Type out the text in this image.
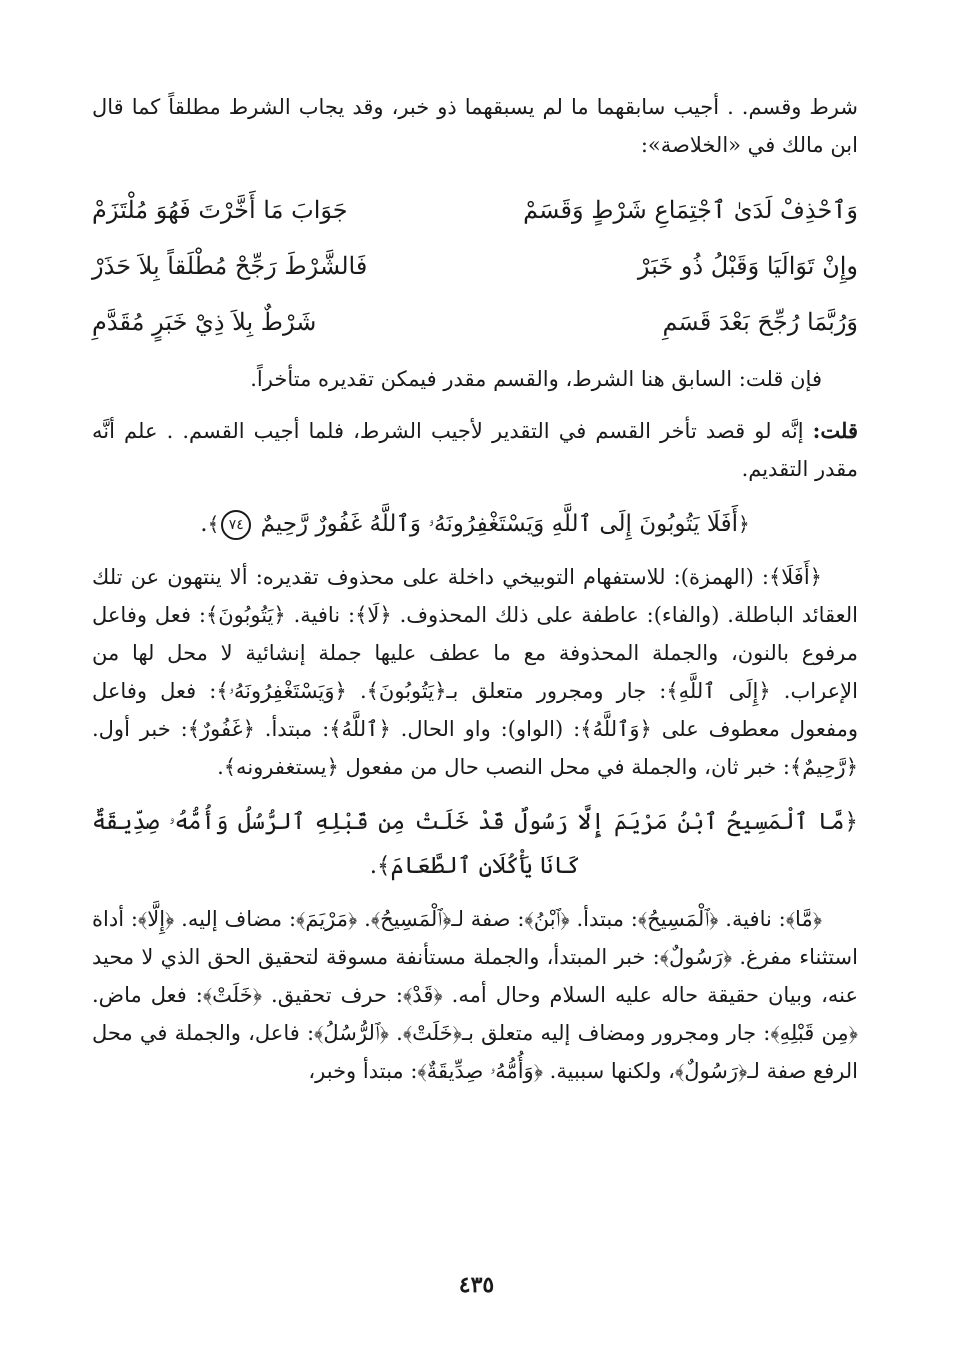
شرط وقسم. . أجيب سابقهما ما لم يسبقهما ذو خبر، وقد يجاب الشرط مطلقاً كما قال ابن مالك في «الخلاصة»:

وَٱحْذِفْ لَدَىٰ ٱجْتِمَاعِ شَرْطٍ وَقَسَمْ
جَوَابَ مَا أَخَّرْتَ فَهُوَ مُلْتَزَمْ
وإِنْ تَوَالَيَا وَقَبْلُ ذُو خَبَرْ
فَالشَّرْطَ رَجِّحْ مُطْلَقاً بِلاَ حَذَرْ
وَرُبَّمَا رُجِّحَ بَعْدَ قَسَمِ
شَرْطٌ بِلاَ ذِيْ خَبَرٍ مُقَدَّمِ

فإن قلت: السابق هنا الشرط، والقسم مقدر فيمكن تقديره متأخراً.

قلت: إنَّه لو قصد تأخر القسم في التقدير لأجيب الشرط، فلما أجيب القسم. . علم أنَّه مقدر التقديم.

﴿أَفَلَا يَتُوبُونَ إِلَى ٱللَّهِ وَيَسْتَغْفِرُونَهُۥ وَٱللَّهُ غَفُورٌ رَّحِيمٌ ٧٤﴾.

﴿أَفَلَا﴾: (الهمزة): للاستفهام التوبيخي داخلة على محذوف تقديره: ألا ينتهون عن تلك العقائد الباطلة. (والفاء): عاطفة على ذلك المحذوف. ﴿لَا﴾: نافية. ﴿يَتُوبُونَ﴾: فعل وفاعل مرفوع بالنون، والجملة المحذوفة مع ما عطف عليها جملة إنشائية لا محل لها من الإعراب. ﴿إِلَى ٱللَّهِ﴾: جار ومجرور متعلق بـ﴿يَتُوبُونَ﴾. ﴿وَيَسْتَغْفِرُونَهُۥ﴾: فعل وفاعل ومفعول معطوف على ﴿وَٱللَّهُ﴾: (الواو): واو الحال. ﴿ٱللَّهُ﴾: مبتدأ. ﴿غَفُورٌ﴾: خبر أول. ﴿رَّحِيمٌ﴾: خبر ثان، والجملة في محل النصب حال من مفعول ﴿يستغفرونه﴾.

﴿مَّا ٱلْمَسِيحُ ٱبْنُ مَرْيَمَ إِلَّا رَسُولٌ قَدْ خَلَتْ مِن قَبْلِهِ ٱلرُّسُلُ وَأُمُّهُۥ صِدِّيقَةٌ كَانَا يَأْكُلَانِ ٱلطَّعَامَ﴾.

﴿مَّا﴾: نافية. ﴿ٱلْمَسِيحُ﴾: مبتدأ. ﴿ٱبْنُ﴾: صفة لـ﴿ٱلْمَسِيحُ﴾. ﴿مَرْيَمَ﴾: مضاف إليه. ﴿إِلَّا﴾: أداة استثناء مفرغ. ﴿رَسُولٌ﴾: خبر المبتدأ، والجملة مستأنفة مسوقة لتحقيق الحق الذي لا محيد عنه، وبيان حقيقة حاله عليه السلام وحال أمه. ﴿قَدْ﴾: حرف تحقيق. ﴿خَلَتْ﴾: فعل ماض. ﴿مِن قَبْلِهِ﴾: جار ومجرور ومضاف إليه متعلق بـ﴿خَلَتْ﴾. ﴿ٱلرُّسُلُ﴾: فاعل، والجملة في محل الرفع صفة لـ﴿رَسُولٌ﴾، ولكنها سببية. ﴿وَأُمُّهُۥ صِدِّيقَةٌ﴾: مبتدأ وخبر،

٤٣٥
